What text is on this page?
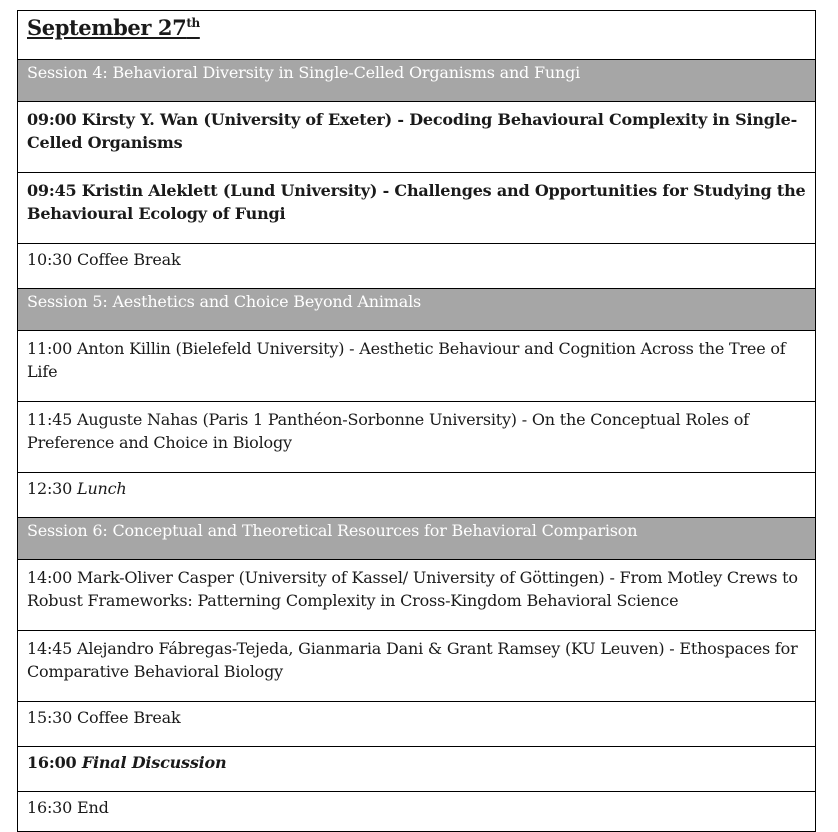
September 27th
Session 4: Behavioral Diversity in Single-Celled Organisms and Fungi
09:00 Kirsty Y. Wan (University of Exeter) - Decoding Behavioural Complexity in Single-Celled Organisms
09:45 Kristin Aleklett (Lund University) - Challenges and Opportunities for Studying the Behavioural Ecology of Fungi
10:30 Coffee Break
Session 5: Aesthetics and Choice Beyond Animals
11:00 Anton Killin (Bielefeld University) - Aesthetic Behaviour and Cognition Across the Tree of Life
11:45 Auguste Nahas (Paris 1 Panthéon-Sorbonne University) - On the Conceptual Roles of Preference and Choice in Biology
12:30 Lunch
Session 6: Conceptual and Theoretical Resources for Behavioral Comparison
14:00 Mark-Oliver Casper (University of Kassel/ University of Göttingen) - From Motley Crews to Robust Frameworks: Patterning Complexity in Cross-Kingdom Behavioral Science
14:45 Alejandro Fábregas-Tejeda, Gianmaria Dani & Grant Ramsey (KU Leuven) - Ethospaces for Comparative Behavioral Biology
15:30 Coffee Break
16:00 Final Discussion
16:30 End
